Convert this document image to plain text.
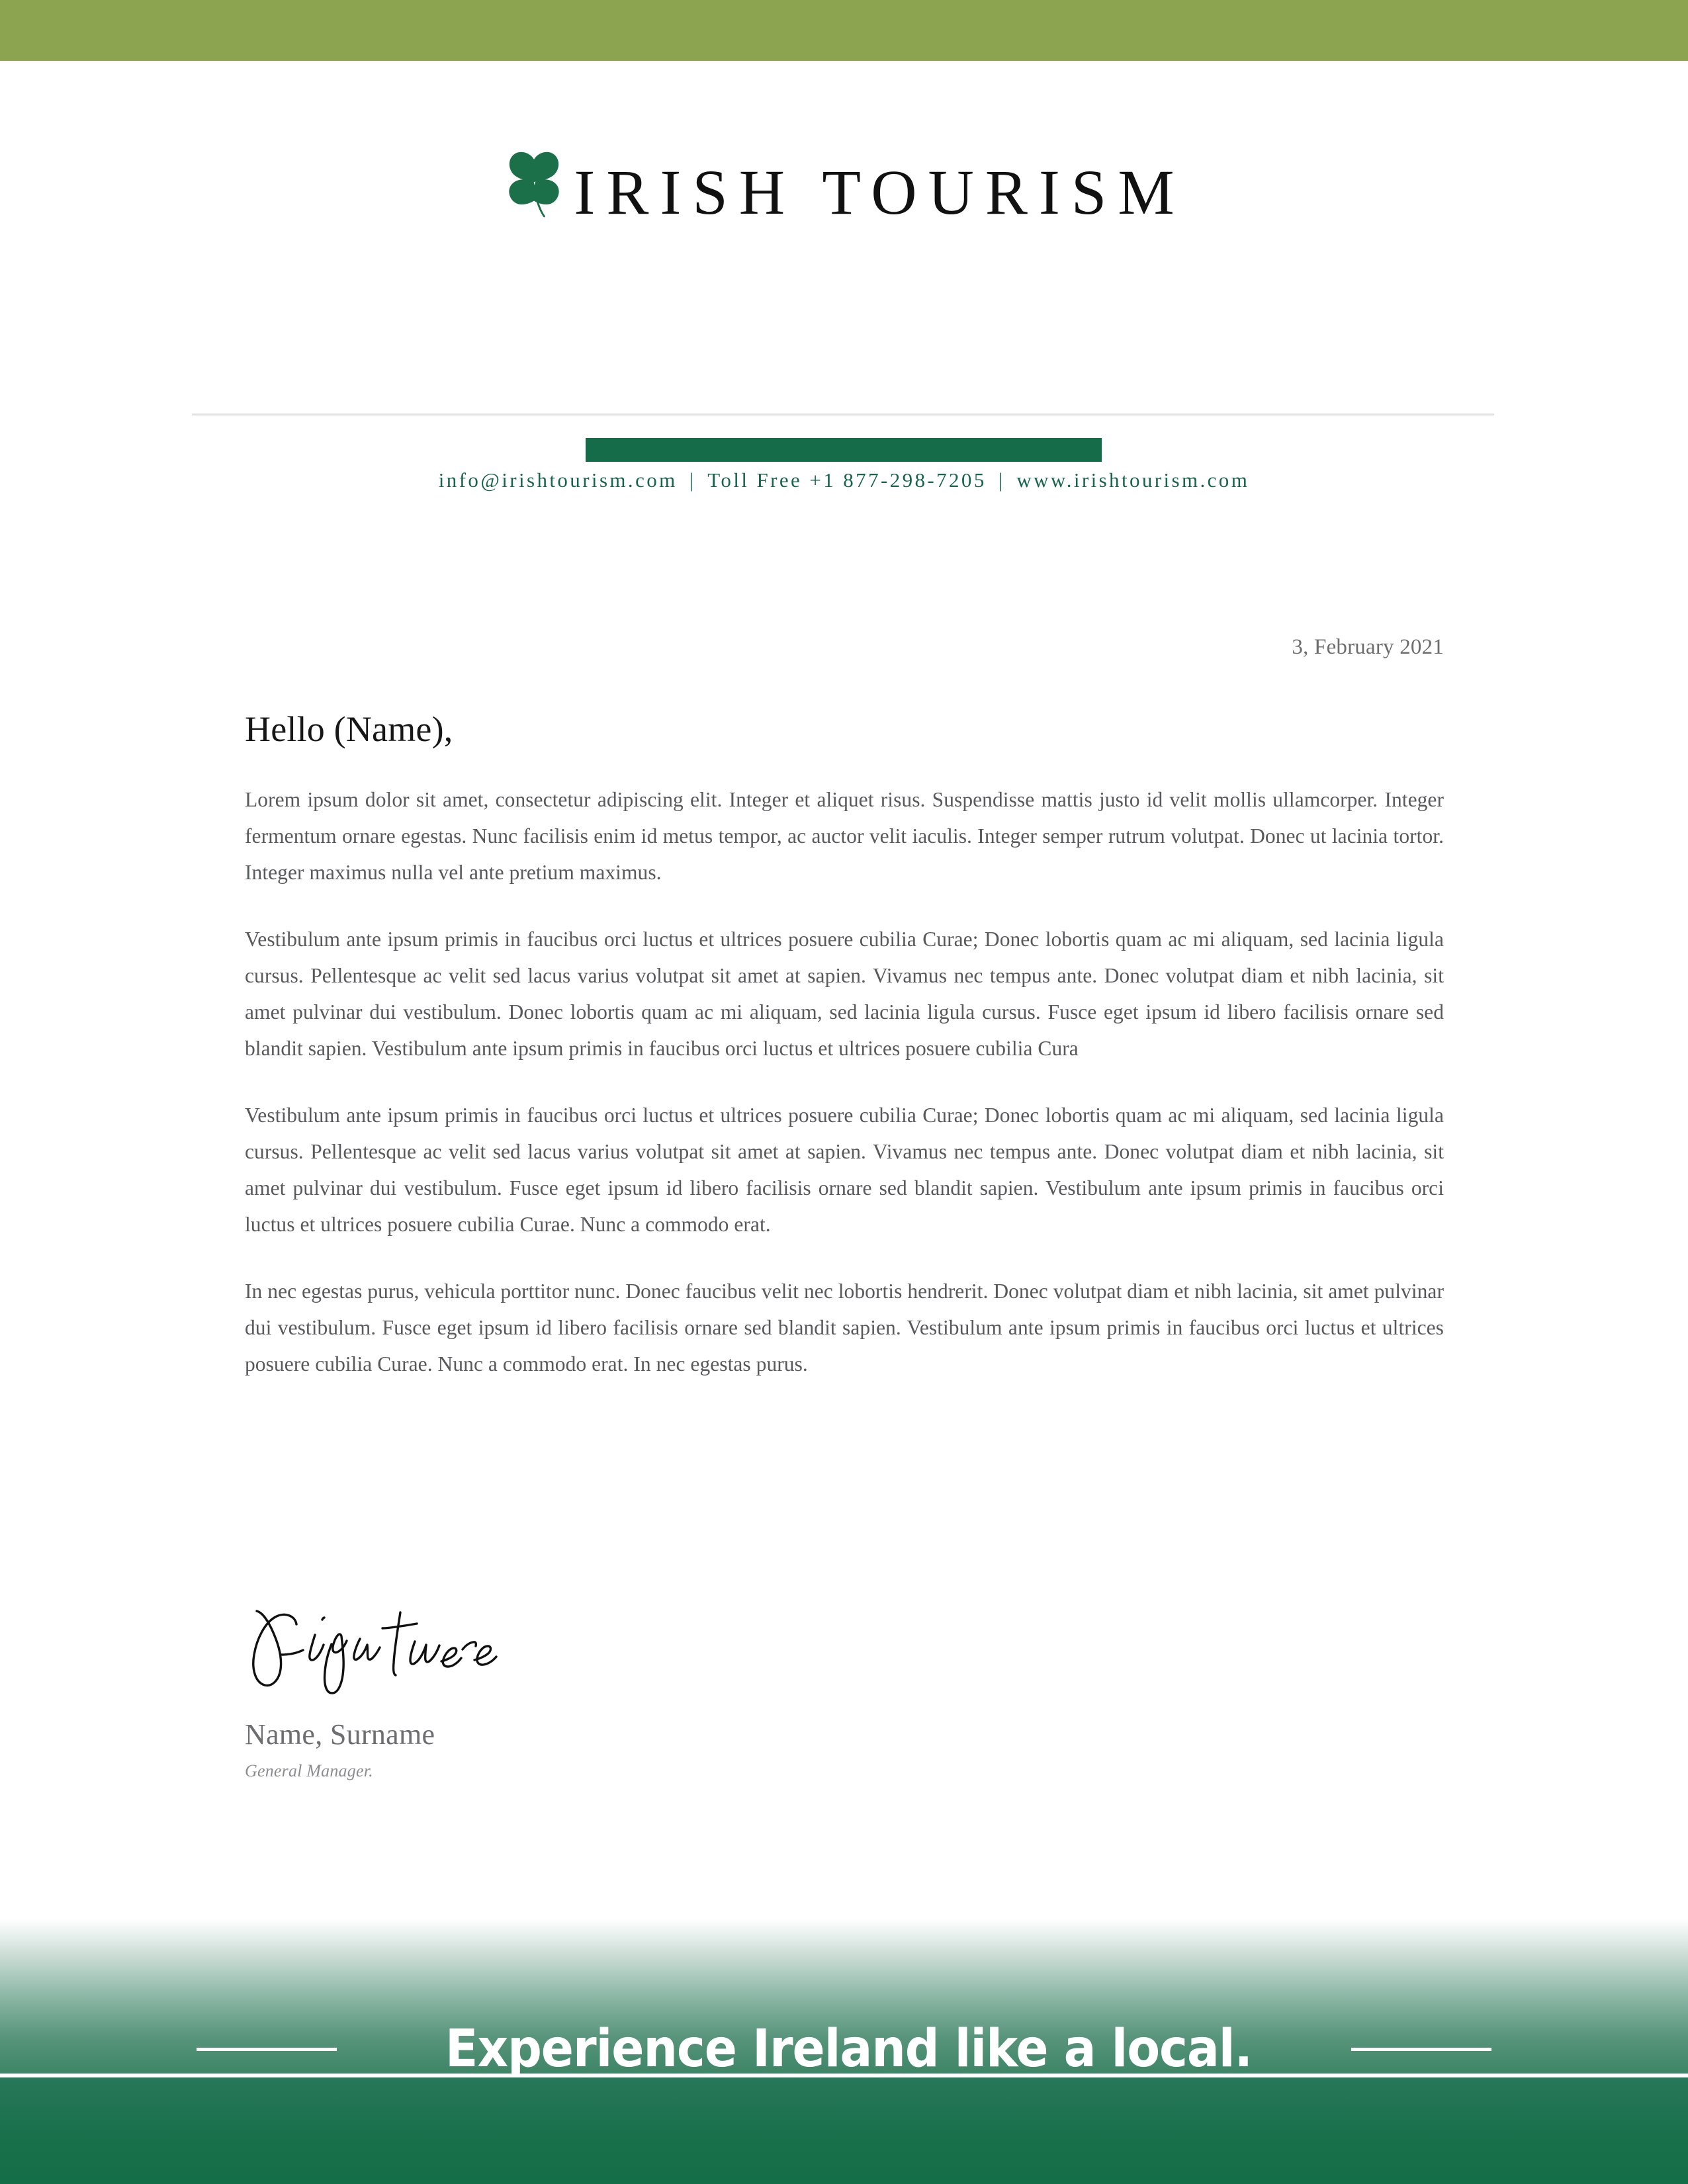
IRISH TOURISM
info@irishtourism.com | Toll Free +1 877-298-7205 | www.irishtourism.com
3, February 2021
Hello (Name),

Lorem ipsum dolor sit amet, consectetur adipiscing elit. Integer et aliquet risus. Suspendisse mattis justo id velit mollis ullamcorper. Integer fermentum ornare egestas. Nunc facilisis enim id metus tempor, ac auctor velit iaculis. Integer semper rutrum volutpat. Donec ut lacinia tortor. Integer maximus nulla vel ante pretium maximus.

Vestibulum ante ipsum primis in faucibus orci luctus et ultrices posuere cubilia Curae; Donec lobortis quam ac mi aliquam, sed lacinia ligula cursus. Pellentesque ac velit sed lacus varius volutpat sit amet at sapien. Vivamus nec tempus ante. Donec volutpat diam et nibh lacinia, sit amet pulvinar dui vestibulum. Donec lobortis quam ac mi aliquam, sed lacinia ligula cursus. Fusce eget ipsum id libero facilisis ornare sed blandit sapien. Vestibulum ante ipsum primis in faucibus orci luctus et ultrices posuere cubilia Cura

Vestibulum ante ipsum primis in faucibus orci luctus et ultrices posuere cubilia Curae; Donec lobortis quam ac mi aliquam, sed lacinia ligula cursus. Pellentesque ac velit sed lacus varius volutpat sit amet at sapien. Vivamus nec tempus ante. Donec volutpat diam et nibh lacinia, sit amet pulvinar dui vestibulum. Fusce eget ipsum id libero facilisis ornare sed blandit sapien. Vestibulum ante ipsum primis in faucibus orci luctus et ultrices posuere cubilia Curae. Nunc a commodo erat.

In nec egestas purus, vehicula porttitor nunc. Donec faucibus velit nec lobortis hendrerit. Donec volutpat diam et nibh lacinia, sit amet pulvinar dui vestibulum. Fusce eget ipsum id libero facilisis ornare sed blandit sapien. Vestibulum ante ipsum primis in faucibus orci luctus et ultrices posuere cubilia Curae. Nunc a commodo erat. In nec egestas purus.

Name, Surname
General Manager.
Experience Ireland like a local.
